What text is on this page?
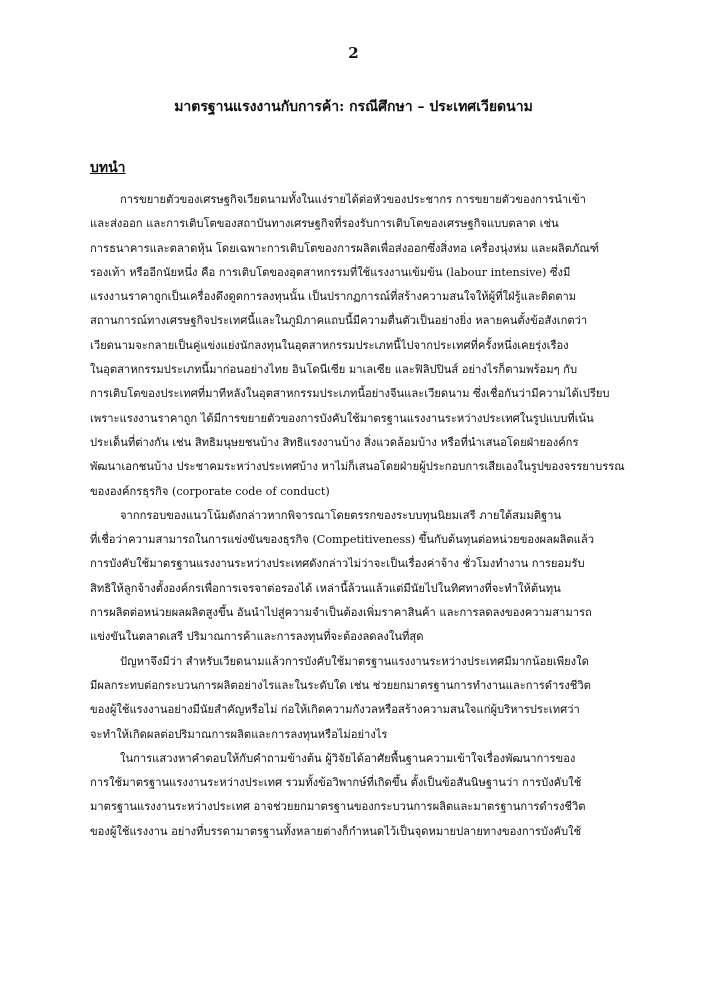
2
มาตรฐานแรงงานกับการค้า: กรณีศึกษา – ประเทศเวียดนาม
บทนำ
การขยายตัวของเศรษฐกิจเวียดนามทั้งในแง่รายได้ต่อหัวของประชากร การขยายตัวของการนำเข้า
และส่งออก และการเติบโตของสถาบันทางเศรษฐกิจที่รองรับการเติบโตของเศรษฐกิจแบบตลาด เช่น
การธนาคารและตลาดหุ้น โดยเฉพาะการเติบโตของการผลิตเพื่อส่งออกซึ่งสิ่งทอ เครื่องนุ่งห่ม และผลิตภัณฑ์
รองเท้า หรืออีกนัยหนึ่ง คือ การเติบโตของอุตสาหกรรมที่ใช้แรงงานเข้มข้น (labour intensive) ซึ่งมี
แรงงานราคาถูกเป็นเครื่องดึงดูดการลงทุนนั้น เป็นปรากฏการณ์ที่สร้างความสนใจให้ผู้ที่ใฝ่รู้และติดตาม
สถานการณ์ทางเศรษฐกิจประเทศนี้และในภูมิภาคแถบนี้มีความตื่นตัวเป็นอย่างยิ่ง หลายคนตั้งข้อสังเกตว่า
เวียดนามจะกลายเป็นคู่แข่งแย่งนักลงทุนในอุตสาหกรรมประเภทนี้ไปจากประเทศที่ครั้งหนึ่งเคยรุ่งเรือง
ในอุตสาหกรรมประเภทนี้มาก่อนอย่างไทย อินโดนีเซีย มาเลเซีย และฟิลิปปินส์ อย่างไรก็ตามพร้อมๆ กับ
การเติบโตของประเทศที่มาทีหลังในอุตสาหกรรมประเภทนี้อย่างจีนและเวียดนาม ซึ่งเชื่อกันว่ามีความได้เปรียบ
เพราะแรงงานราคาถูก ได้มีการขยายตัวของการบังคับใช้มาตรฐานแรงงานระหว่างประเทศในรูปแบบที่เน้น
ประเด็นที่ต่างกัน เช่น สิทธิมนุษยชนบ้าง สิทธิแรงงานบ้าง สิ่งแวดล้อมบ้าง หรือที่นำเสนอโดยฝ่ายองค์กร
พัฒนาเอกชนบ้าง ประชาคมระหว่างประเทศบ้าง หาไม่ก็เสนอโดยฝ่ายผู้ประกอบการเสียเองในรูปของจรรยาบรรณ
ขององค์กรธุรกิจ (corporate code of conduct)
จากกรอบของแนวโน้มดังกล่าวหากพิจารณาโดยตรรกของระบบทุนนิยมเสรี ภายใต้สมมติฐาน
ที่เชื่อว่าความสามารถในการแข่งขันของธุรกิจ (Competitiveness) ขึ้นกับต้นทุนต่อหน่วยของผลผลิตแล้ว
การบังคับใช้มาตรฐานแรงงานระหว่างประเทศดังกล่าวไม่ว่าจะเป็นเรื่องค่าจ้าง ชั่วโมงทำงาน การยอมรับ
สิทธิให้ลูกจ้างตั้งองค์กรเพื่อการเจรจาต่อรองได้ เหล่านี้ล้วนแล้วแต่มีนัยไปในทิศทางที่จะทำให้ต้นทุน
การผลิตต่อหน่วยผลผลิตสูงขึ้น อันนำไปสู่ความจำเป็นต้องเพิ่มราคาสินค้า และการลดลงของความสามารถ
แข่งขันในตลาดเสรี ปริมาณการค้าและการลงทุนที่จะต้องลดลงในที่สุด
ปัญหาจึงมีว่า สำหรับเวียดนามแล้วการบังคับใช้มาตรฐานแรงงานระหว่างประเทศมีมากน้อยเพียงใด
มีผลกระทบต่อกระบวนการผลิตอย่างไรและในระดับใด เช่น ช่วยยกมาตรฐานการทำงานและการดำรงชีวิต
ของผู้ใช้แรงงานอย่างมีนัยสำคัญหรือไม่ ก่อให้เกิดความกังวลหรือสร้างความสนใจแก่ผู้บริหารประเทศว่า
จะทำให้เกิดผลต่อปริมาณการผลิตและการลงทุนหรือไม่อย่างไร
ในการแสวงหาคำตอบให้กับคำถามข้างต้น ผู้วิจัยได้อาศัยพื้นฐานความเข้าใจเรื่องพัฒนาการของ
การใช้มาตรฐานแรงงานระหว่างประเทศ รวมทั้งข้อวิพากษ์ที่เกิดขึ้น ตั้งเป็นข้อสันนิษฐานว่า การบังคับใช้
มาตรฐานแรงงานระหว่างประเทศ อาจช่วยยกมาตรฐานของกระบวนการผลิตและมาตรฐานการดำรงชีวิต
ของผู้ใช้แรงงาน อย่างที่บรรดามาตรฐานทั้งหลายต่างก็กำหนดไว้เป็นจุดหมายปลายทางของการบังคับใช้
